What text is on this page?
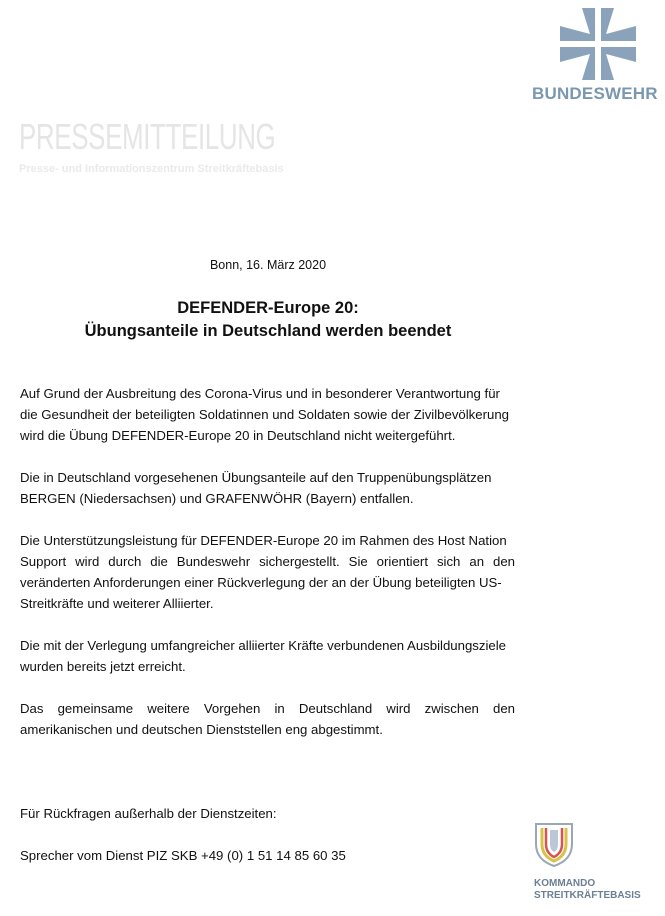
BUNDESWEHR
PRESSEMITTEILUNG
Presse- und Informationszentrum Streitkräftebasis
Bonn, 16. März 2020
DEFENDER-Europe 20:
Übungsanteile in Deutschland werden beendet

Auf Grund der Ausbreitung des Corona-Virus und in besonderer Verantwortung für
die Gesundheit der beteiligten Soldatinnen und Soldaten sowie der Zivilbevölkerung
wird die Übung DEFENDER-Europe 20 in Deutschland nicht weitergeführt.

Die in Deutschland vorgesehenen Übungsanteile auf den Truppenübungsplätzen
BERGEN (Niedersachsen) und GRAFENWÖHR (Bayern) entfallen.

Die Unterstützungsleistung für DEFENDER-Europe 20 im Rahmen des Host Nation
Support wird durch die Bundeswehr sichergestellt. Sie orientiert sich an den
veränderten Anforderungen einer Rückverlegung der an der Übung beteiligten US-
Streitkräfte und weiterer Alliierter.

Die mit der Verlegung umfangreicher alliierter Kräfte verbundenen Ausbildungsziele
wurden bereits jetzt erreicht.

Das gemeinsame weitere Vorgehen in Deutschland wird zwischen den
amerikanischen und deutschen Dienststellen eng abgestimmt.

Für Rückfragen außerhalb der Dienstzeiten:
Sprecher vom Dienst PIZ SKB +49 (0) 1 51 14 85 60 35
KOMMANDO
STREITKRÄFTEBASIS
